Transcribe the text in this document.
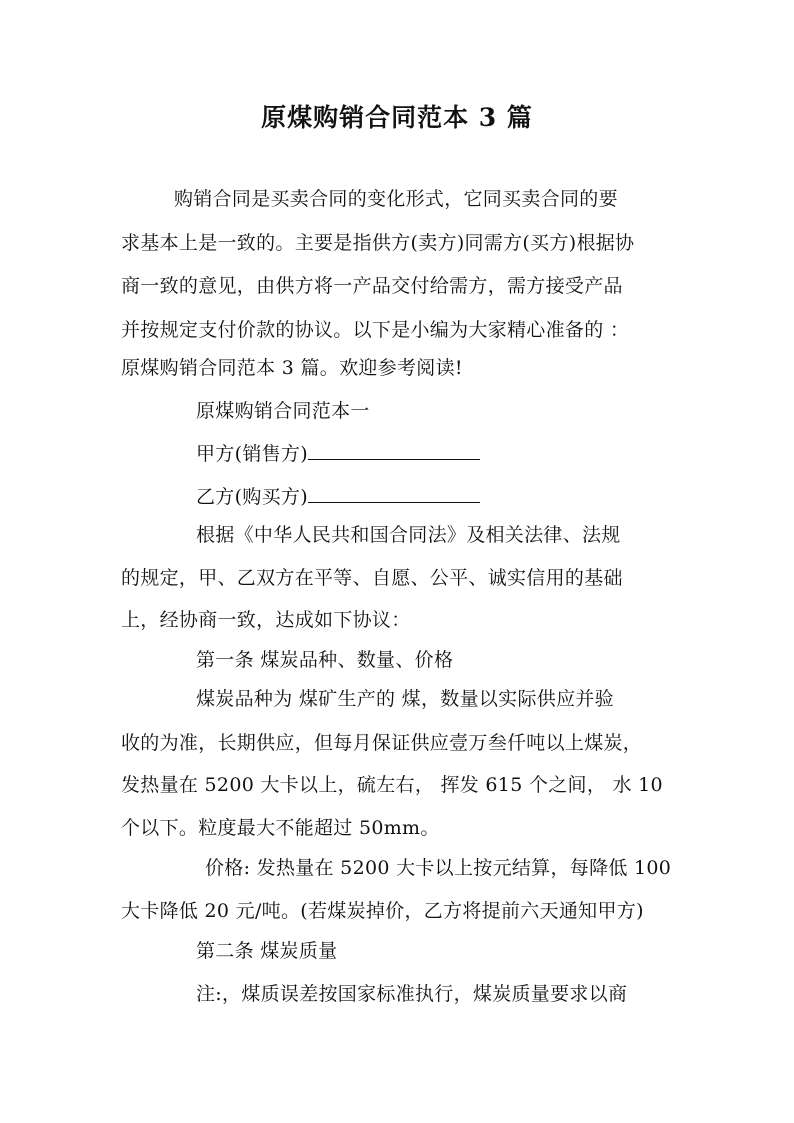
原煤购销合同范本 3 篇
购销合同是买卖合同的变化形式，它同买卖合同的要
求基本上是一致的。主要是指供方(卖方)同需方(买方)根据协
商一致的意见，由供方将一产品交付给需方，需方接受产品
并按规定支付价款的协议。以下是小编为大家精心准备的 ：
原煤购销合同范本 3 篇。欢迎参考阅读!
原煤购销合同范本一
甲方(销售方)
乙方(购买方)
根据《中华人民共和国合同法》及相关法律、法规
的规定，甲、乙双方在平等、自愿、公平、诚实信用的基础
上，经协商一致，达成如下协议：
第一条 煤炭品种、数量、价格
煤炭品种为 煤矿生产的 煤，数量以实际供应并验
收的为准，长期供应，但每月保证供应壹万叁仟吨以上煤炭，
发热量在 5200 大卡以上，硫左右， 挥发 615 个之间， 水 10
个以下。粒度最大不能超过 50mm。
价格: 发热量在 5200 大卡以上按元结算，每降低 100
大卡降低 20 元/吨。(若煤炭掉价，乙方将提前六天通知甲方)
第二条 煤炭质量
注:，煤质误差按国家标准执行，煤炭质量要求以商
